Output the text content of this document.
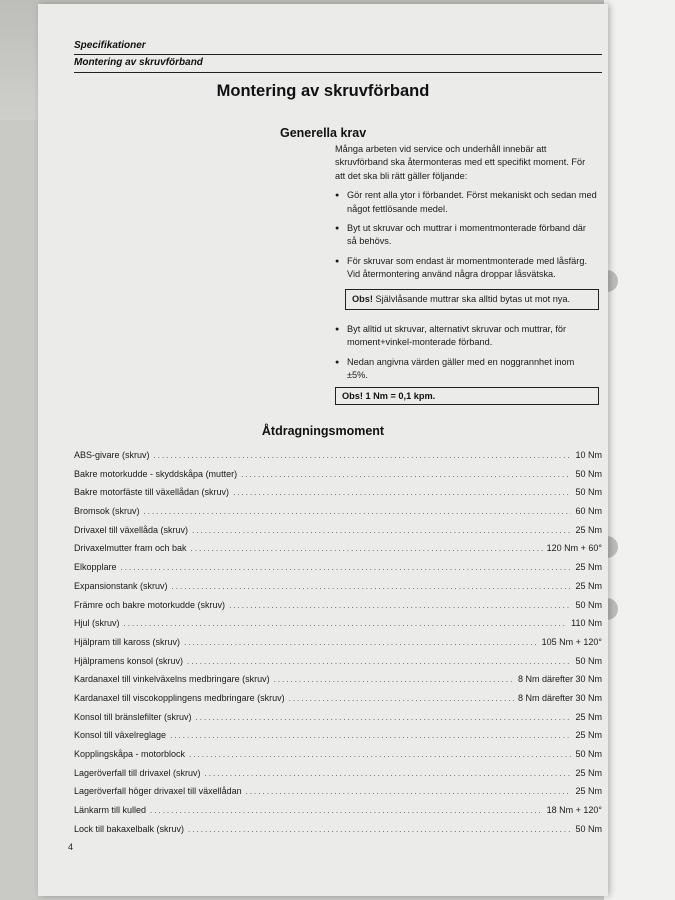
Specifikationer
Montering av skruvförband
Montering av skruvförband
Generella krav

Många arbeten vid service och underhåll innebär att skruvförband ska återmonteras med ett specifikt moment. För att det ska bli rätt gäller följande:

● Gör rent alla ytor i förbandet. Först mekaniskt och sedan med något fettlösande medel.
● Byt ut skruvar och muttrar i momentmonterade förband där så behövs.
● För skruvar som endast är momentmonterade med låsfärg.
Vid återmontering använd några droppar låsvätska.
Obs! Självlåsande muttrar ska alltid bytas ut mot nya.
● Byt alltid ut skruvar, alternativt skruvar och muttrar, för moment+vinkel-monterade förband.
● Nedan angivna värden gäller med en noggrannhet inom ±5%.
Obs! 1 Nm = 0,1 kpm.
Åtdragningsmoment
ABS-givare (skruv) .....	10 Nm
Bakre motorkudde - skyddskåpa (mutter) .....	50 Nm
Bakre motorfäste till växellådan (skruv) .....	50 Nm
Bromsok (skruv) .....	60 Nm
Drivaxel till växellåda (skruv) .....	25 Nm
Drivaxelmutter fram och bak .....	120 Nm + 60°
Elkopplare .....	25 Nm
Expansionstank (skruv) .....	25 Nm
Främre och bakre motorkudde (skruv) .....	50 Nm
Hjul (skruv) .....	110 Nm
Hjälpram till kaross (skruv) .....	105 Nm + 120°
Hjälpramens konsol (skruv) .....	50 Nm
Kardanaxel till vinkelväxelns medbringare (skruv) .....	8 Nm därefter 30 Nm
Kardanaxel till viscokopplingens medbringare (skruv) .....	8 Nm därefter 30 Nm
Konsol till bränslefilter (skruv) .....	25 Nm
Konsol till växelreglage .....	25 Nm
Kopplingskåpa - motorblock .....	50 Nm
Lageröverfall till drivaxel (skruv) .....	25 Nm
Lageröverfall höger drivaxel till växellådan .....	25 Nm
Länkarm till kulled .....	18 Nm + 120°
Lock till bakaxelbalk (skruv) .....	50 Nm
4
